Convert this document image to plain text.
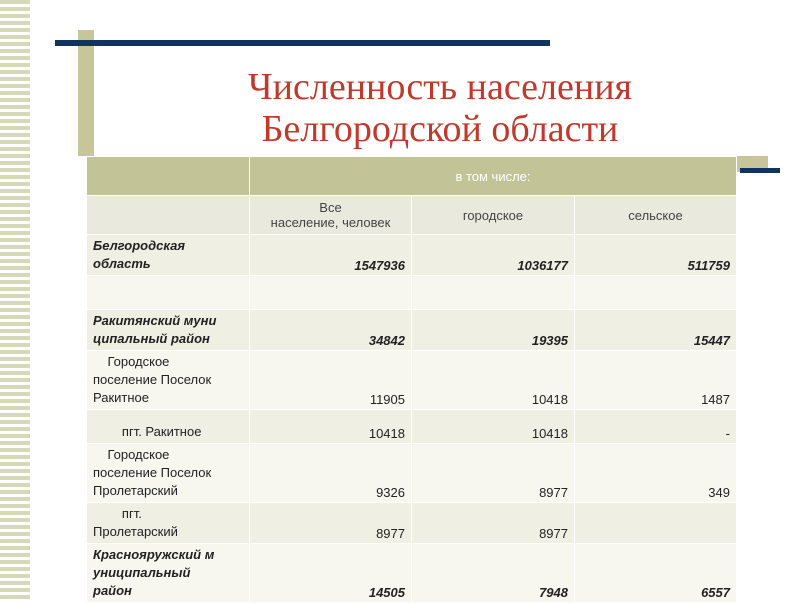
Численность населения
Белгородской области
	в том числе:		
	Все
население, человек	городское	сельское
Белгородская
область	1547936	1036177	511759

Ракитянский муни
ципальный район	34842	19395	15447
Городское
поселение Поселок
Ракитное	11905	10418	1487
пгт. Ракитное	10418	10418	-
Городское
поселение Поселок
Пролетарский	9326	8977	349
пгт.
Пролетарский	8977	8977	
Краснояружский м
униципальный
район	14505	7948	6557
